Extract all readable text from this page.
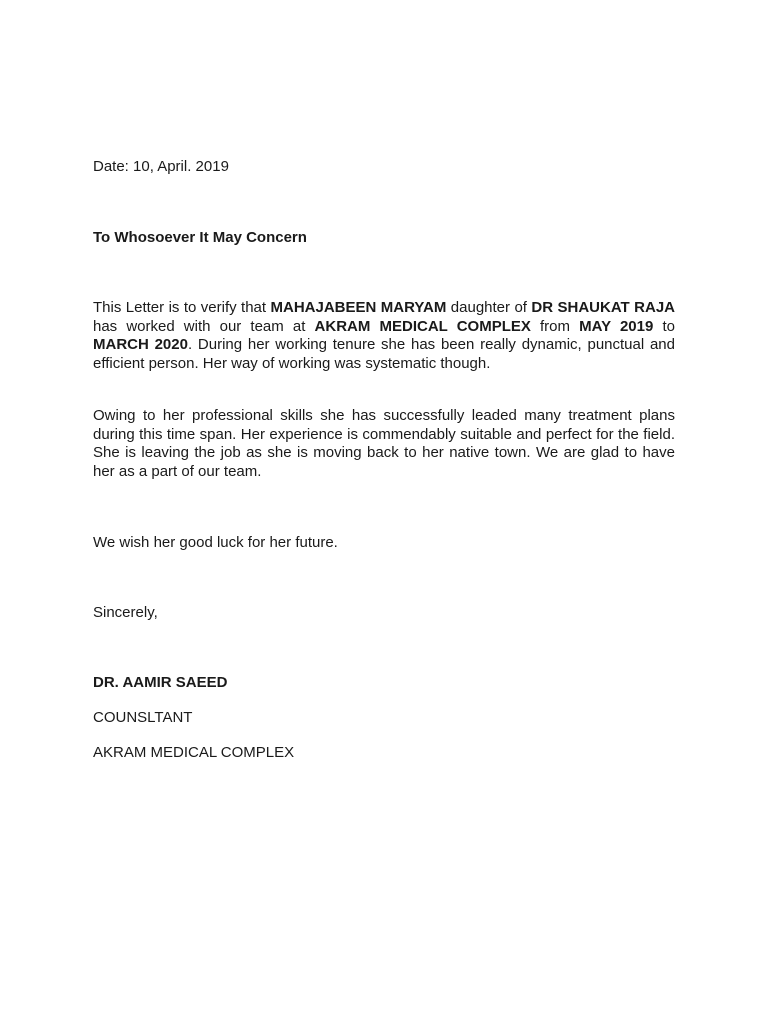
Date: 10, April. 2019
To Whosoever It May Concern

This Letter is to verify that MAHAJABEEN MARYAM daughter of DR SHAUKAT RAJA has worked with our team at AKRAM MEDICAL COMPLEX from MAY 2019 to MARCH 2020. During her working tenure she has been really dynamic, punctual and efficient person. Her way of working was systematic though.

Owing to her professional skills she has successfully leaded many treatment plans during this time span. Her experience is commendably suitable and perfect for the field. She is leaving the job as she is moving back to her native town. We are glad to have her as a part of our team.

We wish her good luck for her future.
Sincerely,
DR. AAMIR SAEED
COUNSLTANT
AKRAM MEDICAL COMPLEX
